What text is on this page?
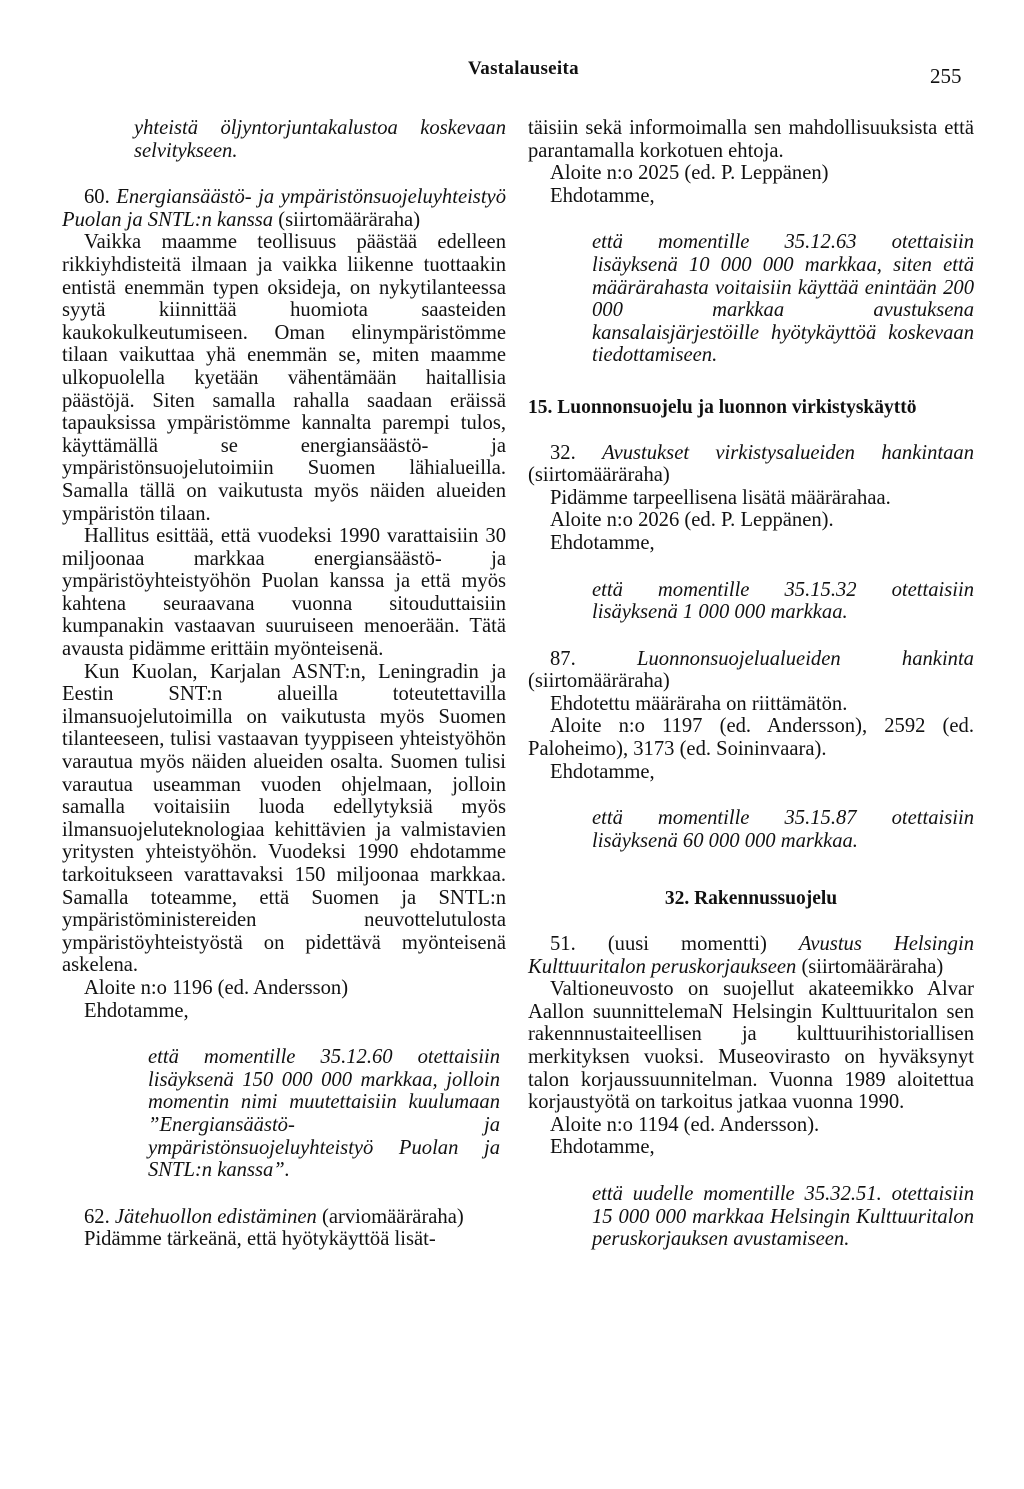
Vastalauseita	255

yhteistä öljyntorjuntakalustoa koskevaan selvitykseen.

60. Energiansäästö- ja ympäristönsuojeluyhteistyö Puolan ja SNTL:n kanssa (siirtomääräraha)

Vaikka maamme teollisuus päästää edelleen rikkiyhdisteitä ilmaan ja vaikka liikenne tuottaakin entistä enemmän typen oksideja, on nykytilanteessa syytä kiinnittää huomiota saasteiden kaukokulkeutumiseen. Oman elinympäristömme tilaan vaikuttaa yhä enemmän se, miten maamme ulkopuolella kyetään vähentämään haitallisia päästöjä. Siten samalla rahalla saadaan eräissä tapauksissa ympäristömme kannalta parempi tulos, käyttämällä se energiansäästö- ja ympäristönsuojelutoimiin Suomen lähialueilla. Samalla tällä on vaikutusta myös näiden alueiden ympäristön tilaan.

Hallitus esittää, että vuodeksi 1990 varattaisiin 30 miljoonaa markkaa energiansäästö- ja ympäristöyhteistyöhön Puolan kanssa ja että myös kahtena seuraavana vuonna sitouduttaisiin kumpanakin vastaavan suuruiseen menoerään. Tätä avausta pidämme erittäin myönteisenä.

Kun Kuolan, Karjalan ASNT:n, Leningradin ja Eestin SNT:n alueilla toteutettavilla ilmansuojelutoimilla on vaikutusta myös Suomen tilanteeseen, tulisi vastaavan tyyppiseen yhteistyöhön varautua myös näiden alueiden osalta. Suomen tulisi varautua useamman vuoden ohjelmaan, jolloin samalla voitaisiin luoda edellytyksiä myös ilmansuojeluteknologiaa kehittävien ja valmistavien yritysten yhteistyöhön. Vuodeksi 1990 ehdotamme tarkoitukseen varattavaksi 150 miljoonaa markkaa. Samalla toteamme, että Suomen ja SNTL:n ympäristöministereiden neuvottelutulosta ympäristöyhteistyöstä on pidettävä myönteisenä askelena.

Aloite n:o 1196 (ed. Andersson)

Ehdotamme,

että momentille 35.12.60 otettaisiin lisäyksenä 150 000 000 markkaa, jolloin momentin nimi muutettaisiin kuulumaan ”Energiansäästö- ja ympäristönsuojeluyhteistyö Puolan ja SNTL:n kanssa”.

62. Jätehuollon edistäminen (arviomääräraha)

Pidämme tärkeänä, että hyötykäyttöä lisät-

täisiin sekä informoimalla sen mahdollisuuksista että parantamalla korkotuen ehtoja.

Aloite n:o 2025 (ed. P. Leppänen)

Ehdotamme,

että momentille 35.12.63 otettaisiin lisäyksenä 10 000 000 markkaa, siten että määrärahasta voitaisiin käyttää enintään 200 000 markkaa avustuksena kansalaisjärjestöille hyötykäyttöä koskevaan tiedottamiseen.

15. Luonnonsuojelu ja luonnon virkistyskäyttö

32. Avustukset virkistysalueiden hankintaan (siirtomääräraha)

Pidämme tarpeellisena lisätä määrärahaa.

Aloite n:o 2026 (ed. P. Leppänen).

Ehdotamme,

että momentille 35.15.32 otettaisiin lisäyksenä 1 000 000 markkaa.

87.	Luonnonsuojelualueiden hankinta (siirtomääräraha)

Ehdotettu määräraha on riittämätön.

Aloite n:o 1197 (ed. Andersson), 2592 (ed. Paloheimo), 3173 (ed. Soininvaara).

Ehdotamme,

että momentille 35.15.87 otettaisiin lisäyksenä 60 000 000 markkaa.

32. Rakennussuojelu

51. (uusi momentti) Avustus Helsingin Kulttuuritalon peruskorjaukseen (siirtomääräraha)

Valtioneuvosto on suojellut akateemikko Alvar Aallon suunnittelemaN Helsingin Kulttuuritalon sen rakennnustaiteellisen ja kulttuurihistoriallisen merkityksen vuoksi. Museovirasto on hyväksynyt talon korjaussuunnitelman. Vuonna 1989 aloitettua korjaustyötä on tarkoitus jatkaa vuonna 1990.

Aloite n:o 1194 (ed. Andersson).

Ehdotamme,

että uudelle momentille 35.32.51. otettaisiin 15 000 000 markkaa Helsingin Kulttuuritalon peruskorjauksen avustamiseen.
